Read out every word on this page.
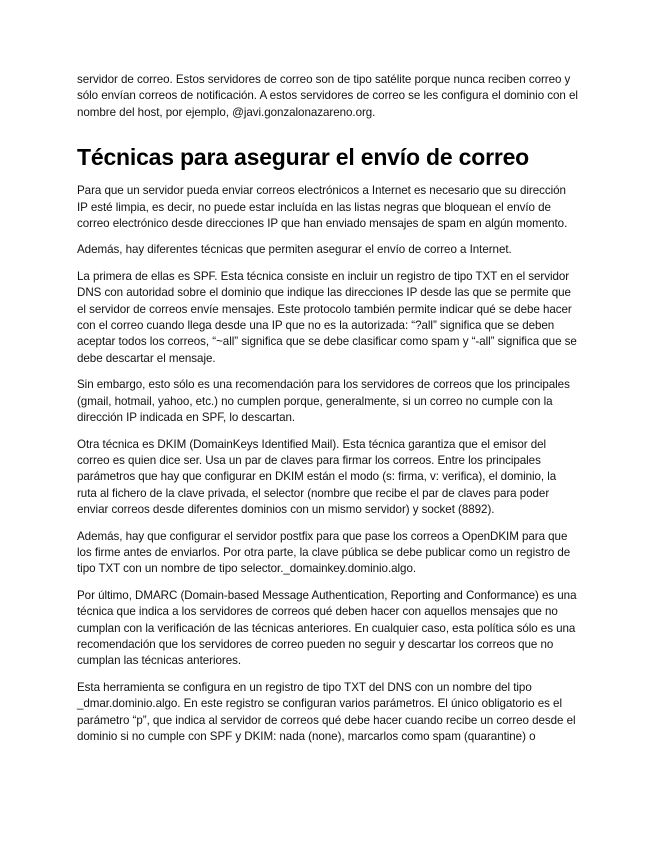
servidor de correo. Estos servidores de correo son de tipo satélite porque nunca reciben correo y sólo envían correos de notificación. A estos servidores de correo se les configura el dominio con el nombre del host, por ejemplo, @javi.gonzalonazareno.org.

Técnicas para asegurar el envío de correo

Para que un servidor pueda enviar correos electrónicos a Internet es necesario que su dirección IP esté limpia, es decir, no puede estar incluída en las listas negras que bloquean el envío de correo electrónico desde direcciones IP que han enviado mensajes de spam en algún momento.

Además, hay diferentes técnicas que permiten asegurar el envío de correo a Internet.

La primera de ellas es SPF. Esta técnica consiste en incluir un registro de tipo TXT en el servidor DNS con autoridad sobre el dominio que indique las direcciones IP desde las que se permite que el servidor de correos envíe mensajes. Este protocolo también permite indicar qué se debe hacer con el correo cuando llega desde una IP que no es la autorizada: “?all” significa que se deben aceptar todos los correos, “~all” significa que se debe clasificar como spam y “-all” significa que se debe descartar el mensaje.

Sin embargo, esto sólo es una recomendación para los servidores de correos que los principales (gmail, hotmail, yahoo, etc.) no cumplen porque, generalmente, si un correo no cumple con la dirección IP indicada en SPF, lo descartan.

Otra técnica es DKIM (DomainKeys Identified Mail). Esta técnica garantiza que el emisor del correo es quien dice ser. Usa un par de claves para firmar los correos. Entre los principales parámetros que hay que configurar en DKIM están el modo (s: firma, v: verifica), el dominio, la ruta al fichero de la clave privada, el selector (nombre que recibe el par de claves para poder enviar correos desde diferentes dominios con un mismo servidor) y socket (8892).

Además, hay que configurar el servidor postfix para que pase los correos a OpenDKIM para que los firme antes de enviarlos. Por otra parte, la clave pública se debe publicar como un registro de tipo TXT con un nombre de tipo selector._domainkey.dominio.algo.

Por último, DMARC (Domain-based Message Authentication, Reporting and Conformance) es una técnica que indica a los servidores de correos qué deben hacer con aquellos mensajes que no cumplan con la verificación de las técnicas anteriores. En cualquier caso, esta política sólo es una recomendación que los servidores de correo pueden no seguir y descartar los correos que no cumplan las técnicas anteriores.

Esta herramienta se configura en un registro de tipo TXT del DNS con un nombre del tipo _dmar.dominio.algo. En este registro se configuran varios parámetros. El único obligatorio es el parámetro “p”, que indica al servidor de correos qué debe hacer cuando recibe un correo desde el dominio si no cumple con SPF y DKIM: nada (none), marcarlos como spam (quarantine) o
